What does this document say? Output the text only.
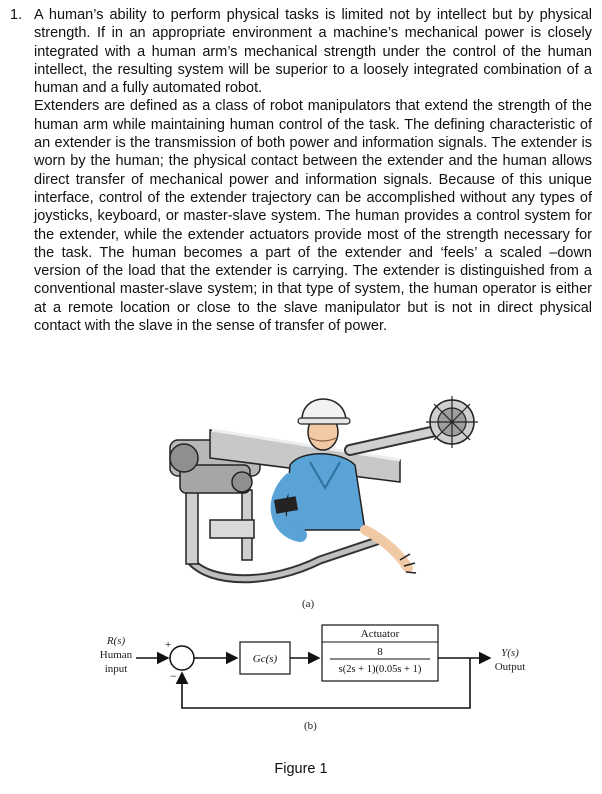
1. A human’s ability to perform physical tasks is limited not by intellect but by physical strength. If in an appropriate environment a machine’s mechanical power is closely integrated with a human arm’s mechanical strength under the control of the human intellect, the resulting system will be superior to a loosely integrated combination of a human and a fully automated robot.

Extenders are defined as a class of robot manipulators that extend the strength of the human arm while maintaining human control of the task. The defining characteristic of an extender is the transmission of both power and information signals. The extender is worn by the human; the physical contact between the extender and the human allows direct transfer of mechanical power and information signals. Because of this unique interface, control of the extender trajectory can be accomplished without any types of joysticks, keyboard, or master-slave system. The human provides a control system for the extender, while the extender actuators provide most of the strength necessary for the task. The human becomes a part of the extender and ‘feels’ a scaled –down version of the load that the extender is carrying. The extender is distinguished from a conventional master-slave system; in that type of system, the human operator is either at a remote location or close to the slave manipulator but is not in direct physical contact with the slave in the sense of transfer of power.

(a)
R(s)
Human
input
+
−
Gc(s)
Actuator
8
s(2s + 1)(0.05s + 1)
Y(s)
Output
(b)
Figure 1
